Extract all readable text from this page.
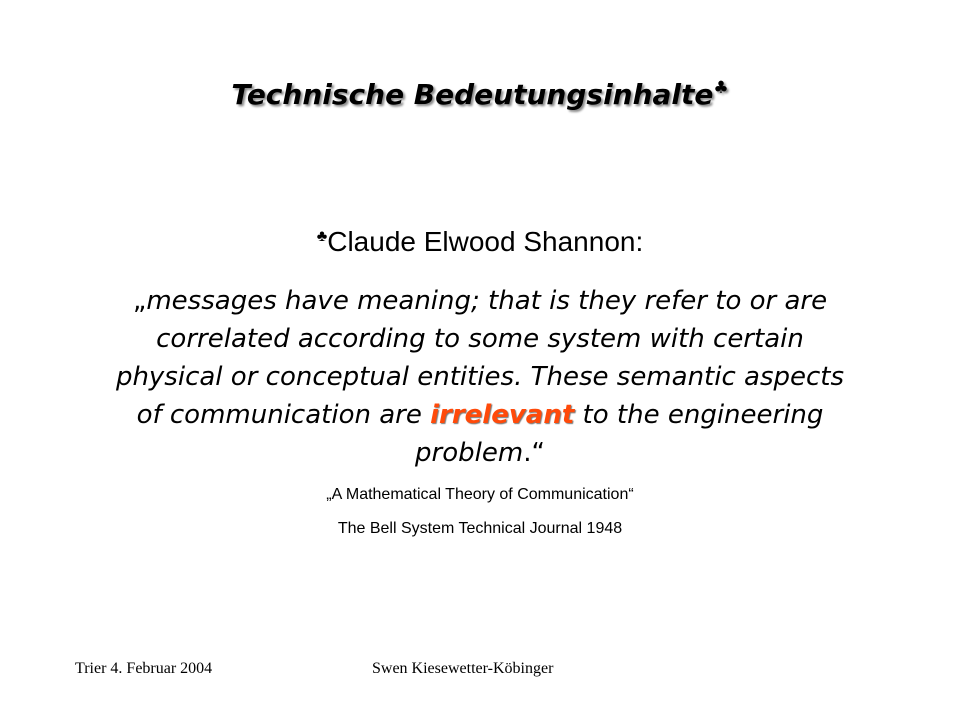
Technische Bedeutungsinhalte♣
♣Claude Elwood Shannon:
„messages have meaning; that is they refer to or are correlated according to some system with certain physical or conceptual entities. These semantic aspects of communication are irrelevant to the engineering problem.“
„A Mathematical Theory of Communication“
The Bell System Technical Journal 1948
Trier 4. Februar 2004	Swen Kiesewetter-Köbinger
